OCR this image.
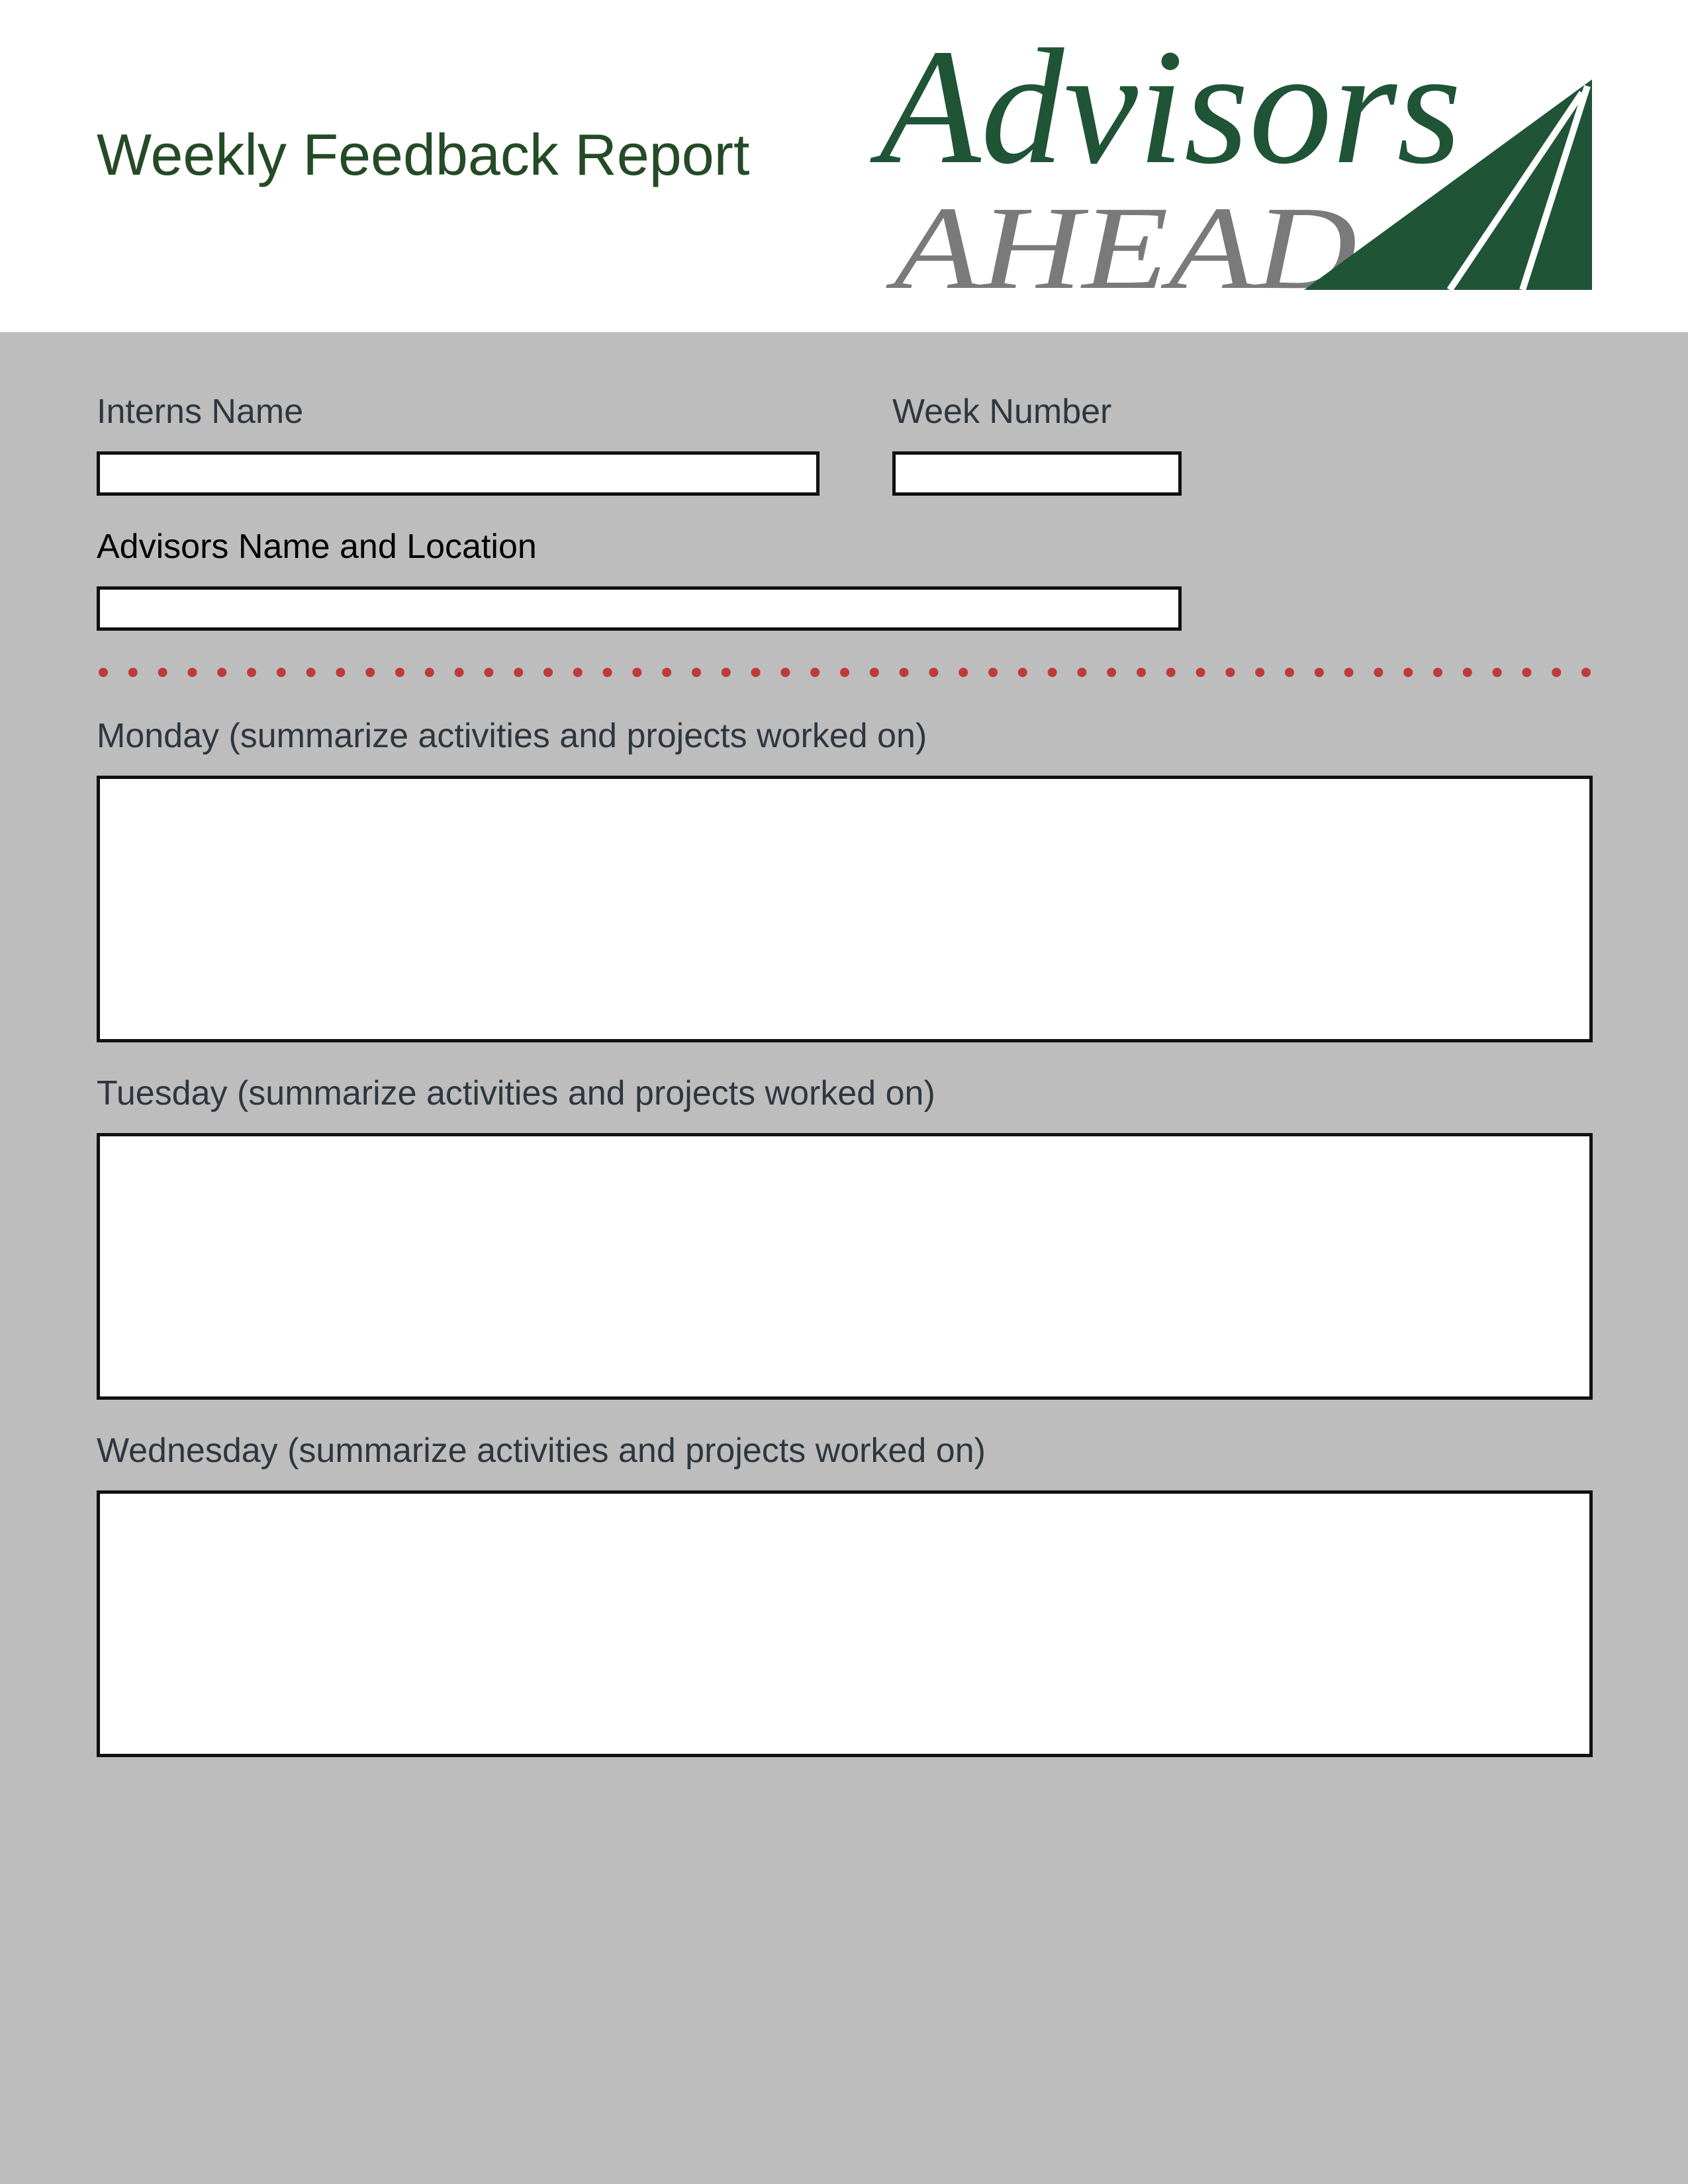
Weekly Feedback Report Advisors
AHEAD
Interns Name	Week Number
Advisors Name and Location
Monday (summarize activities and projects worked on)
Tuesday (summarize activities and projects worked on)
Wednesday (summarize activities and projects worked on)
